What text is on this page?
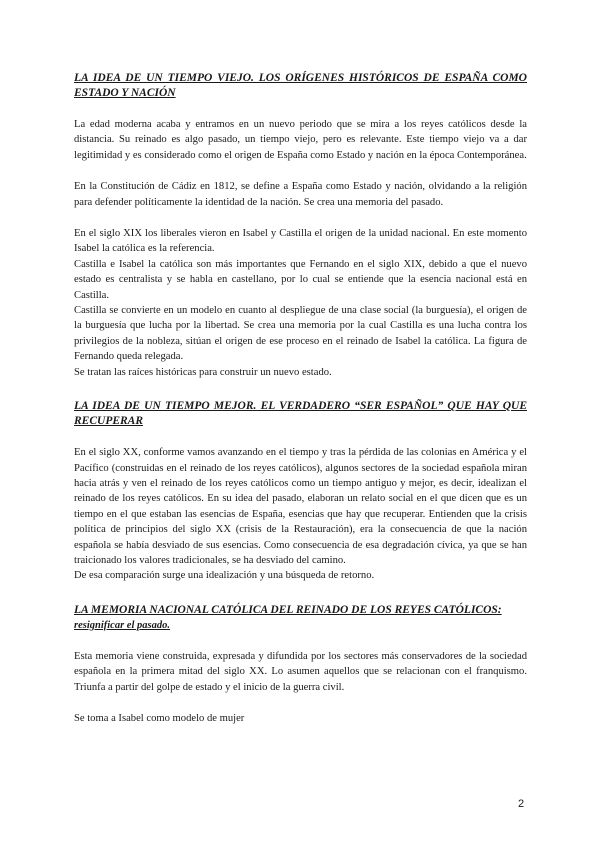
LA IDEA DE UN TIEMPO VIEJO. LOS ORÍGENES HISTÓRICOS DE ESPAÑA COMO ESTADO Y NACIÓN

La edad moderna acaba y entramos en un nuevo periodo que se mira a los reyes católicos desde la distancia. Su reinado es algo pasado, un tiempo viejo, pero es relevante. Este tiempo viejo va a dar legitimidad y es considerado como el origen de España como Estado y nación en la época Contemporánea.

En la Constitución de Cádiz en 1812, se define a España como Estado y nación, olvidando a la religión para defender políticamente la identidad de la nación. Se crea una memoria del pasado.

En el siglo XIX los liberales vieron en Isabel y Castilla el origen de la unidad nacional. En este momento Isabel la católica es la referencia.

Castilla e Isabel la católica son más importantes que Fernando en el siglo XIX, debido a que el nuevo estado es centralista y se habla en castellano, por lo cual se entiende que la esencia nacional está en Castilla.

Castilla se convierte en un modelo en cuanto al despliegue de una clase social (la burguesía), el origen de la burguesía que lucha por la libertad. Se crea una memoria por la cual Castilla es una lucha contra los privilegios de la nobleza, sitúan el origen de ese proceso en el reinado de Isabel la católica. La figura de Fernando queda relegada.

Se tratan las raíces históricas para construir un nuevo estado.

LA IDEA DE UN TIEMPO MEJOR. EL VERDADERO “SER ESPAÑOL” QUE HAY QUE RECUPERAR

En el siglo XX, conforme vamos avanzando en el tiempo y tras la pérdida de las colonias en América y el Pacífico (construidas en el reinado de los reyes católicos), algunos sectores de la sociedad española miran hacia atrás y ven el reinado de los reyes católicos como un tiempo antiguo y mejor, es decir, idealizan el reinado de los reyes católicos. En su idea del pasado, elaboran un relato social en el que dicen que es un tiempo en el que estaban las esencias de España, esencias que hay que recuperar. Entienden que la crisis política de principios del siglo XX (crisis de la Restauración), era la consecuencia de que la nación española se había desviado de sus esencias. Como consecuencia de esa degradación cívica, ya que se han traicionado los valores tradicionales, se ha desviado del camino.

De esa comparación surge una idealización y una búsqueda de retorno.

LA MEMORIA NACIONAL CATÓLICA DEL REINADO DE LOS REYES CATÓLICOS:
resignificar el pasado.

Esta memoria viene construida, expresada y difundida por los sectores más conservadores de la sociedad española en la primera mitad del siglo XX. Lo asumen aquellos que se relacionan con el franquismo. Triunfa a partir del golpe de estado y el inicio de la guerra civil.

Se toma a Isabel como modelo de mujer

2
